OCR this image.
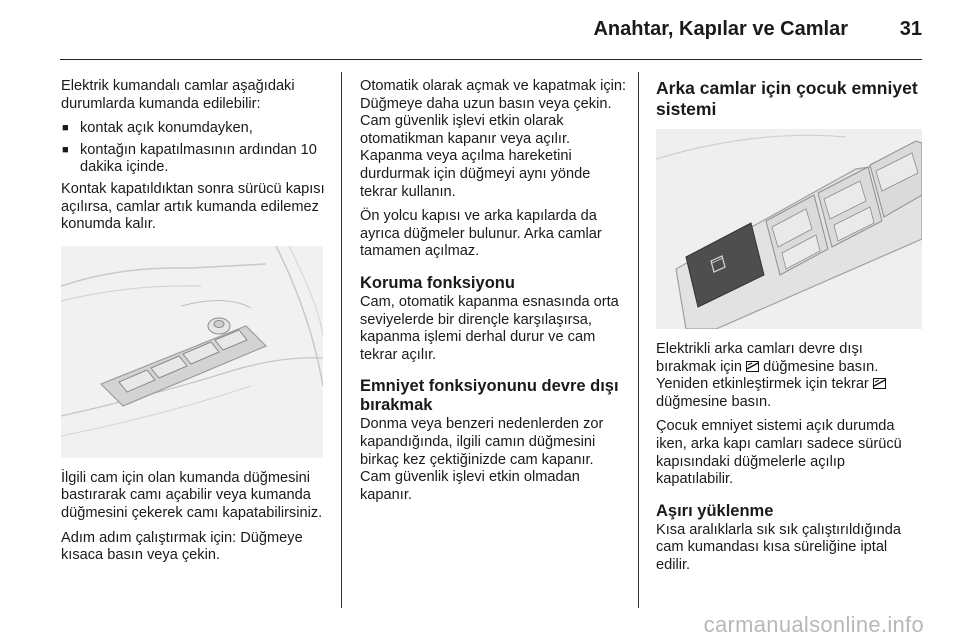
Anahtar, Kapılar ve Camlar	31

Elektrik kumandalı camlar aşağıdaki durumlarda kumanda edilebilir:

■ kontak açık konumdayken,
■ kontağın kapatılmasının ardından 10 dakika içinde.

Kontak kapatıldıktan sonra sürücü kapısı açılırsa, camlar artık kumanda edilemez konumda kalır.

İlgili cam için olan kumanda düğmesini bastırarak camı açabilir veya kumanda düğmesini çekerek camı kapatabilirsiniz.

Adım adım çalıştırmak için: Düğmeye kısaca basın veya çekin.

Otomatik olarak açmak ve kapatmak için: Düğmeye daha uzun basın veya çekin. Cam güvenlik işlevi etkin olarak otomatikman kapanır veya açılır. Kapanma veya açılma hareketini durdurmak için düğmeyi aynı yönde tekrar kullanın.

Ön yolcu kapısı ve arka kapılarda da ayrıca düğmeler bulunur. Arka camlar tamamen açılmaz.

Koruma fonksiyonu

Cam, otomatik kapanma esnasında orta seviyelerde bir dirençle karşılaşırsa, kapanma işlemi derhal durur ve cam tekrar açılır.

Emniyet fonksiyonunu devre dışı bırakmak

Donma veya benzeri nedenlerden zor kapandığında, ilgili camın düğmesini birkaç kez çektiğinizde cam kapanır. Cam güvenlik işlevi etkin olmadan kapanır.

Arka camlar için çocuk emniyet sistemi

Elektrikli arka camları devre dışı bırakmak için düğmesine basın. Yeniden etkinleştirmek için tekrar  düğmesine basın.

Çocuk emniyet sistemi açık durumda iken, arka kapı camları sadece sürücü kapısındaki düğmelerle açılıp kapatılabilir.

Aşırı yüklenme

Kısa aralıklarla sık sık çalıştırıldığında cam kumandası kısa süreliğine iptal edilir.

carmanualsonline.info
